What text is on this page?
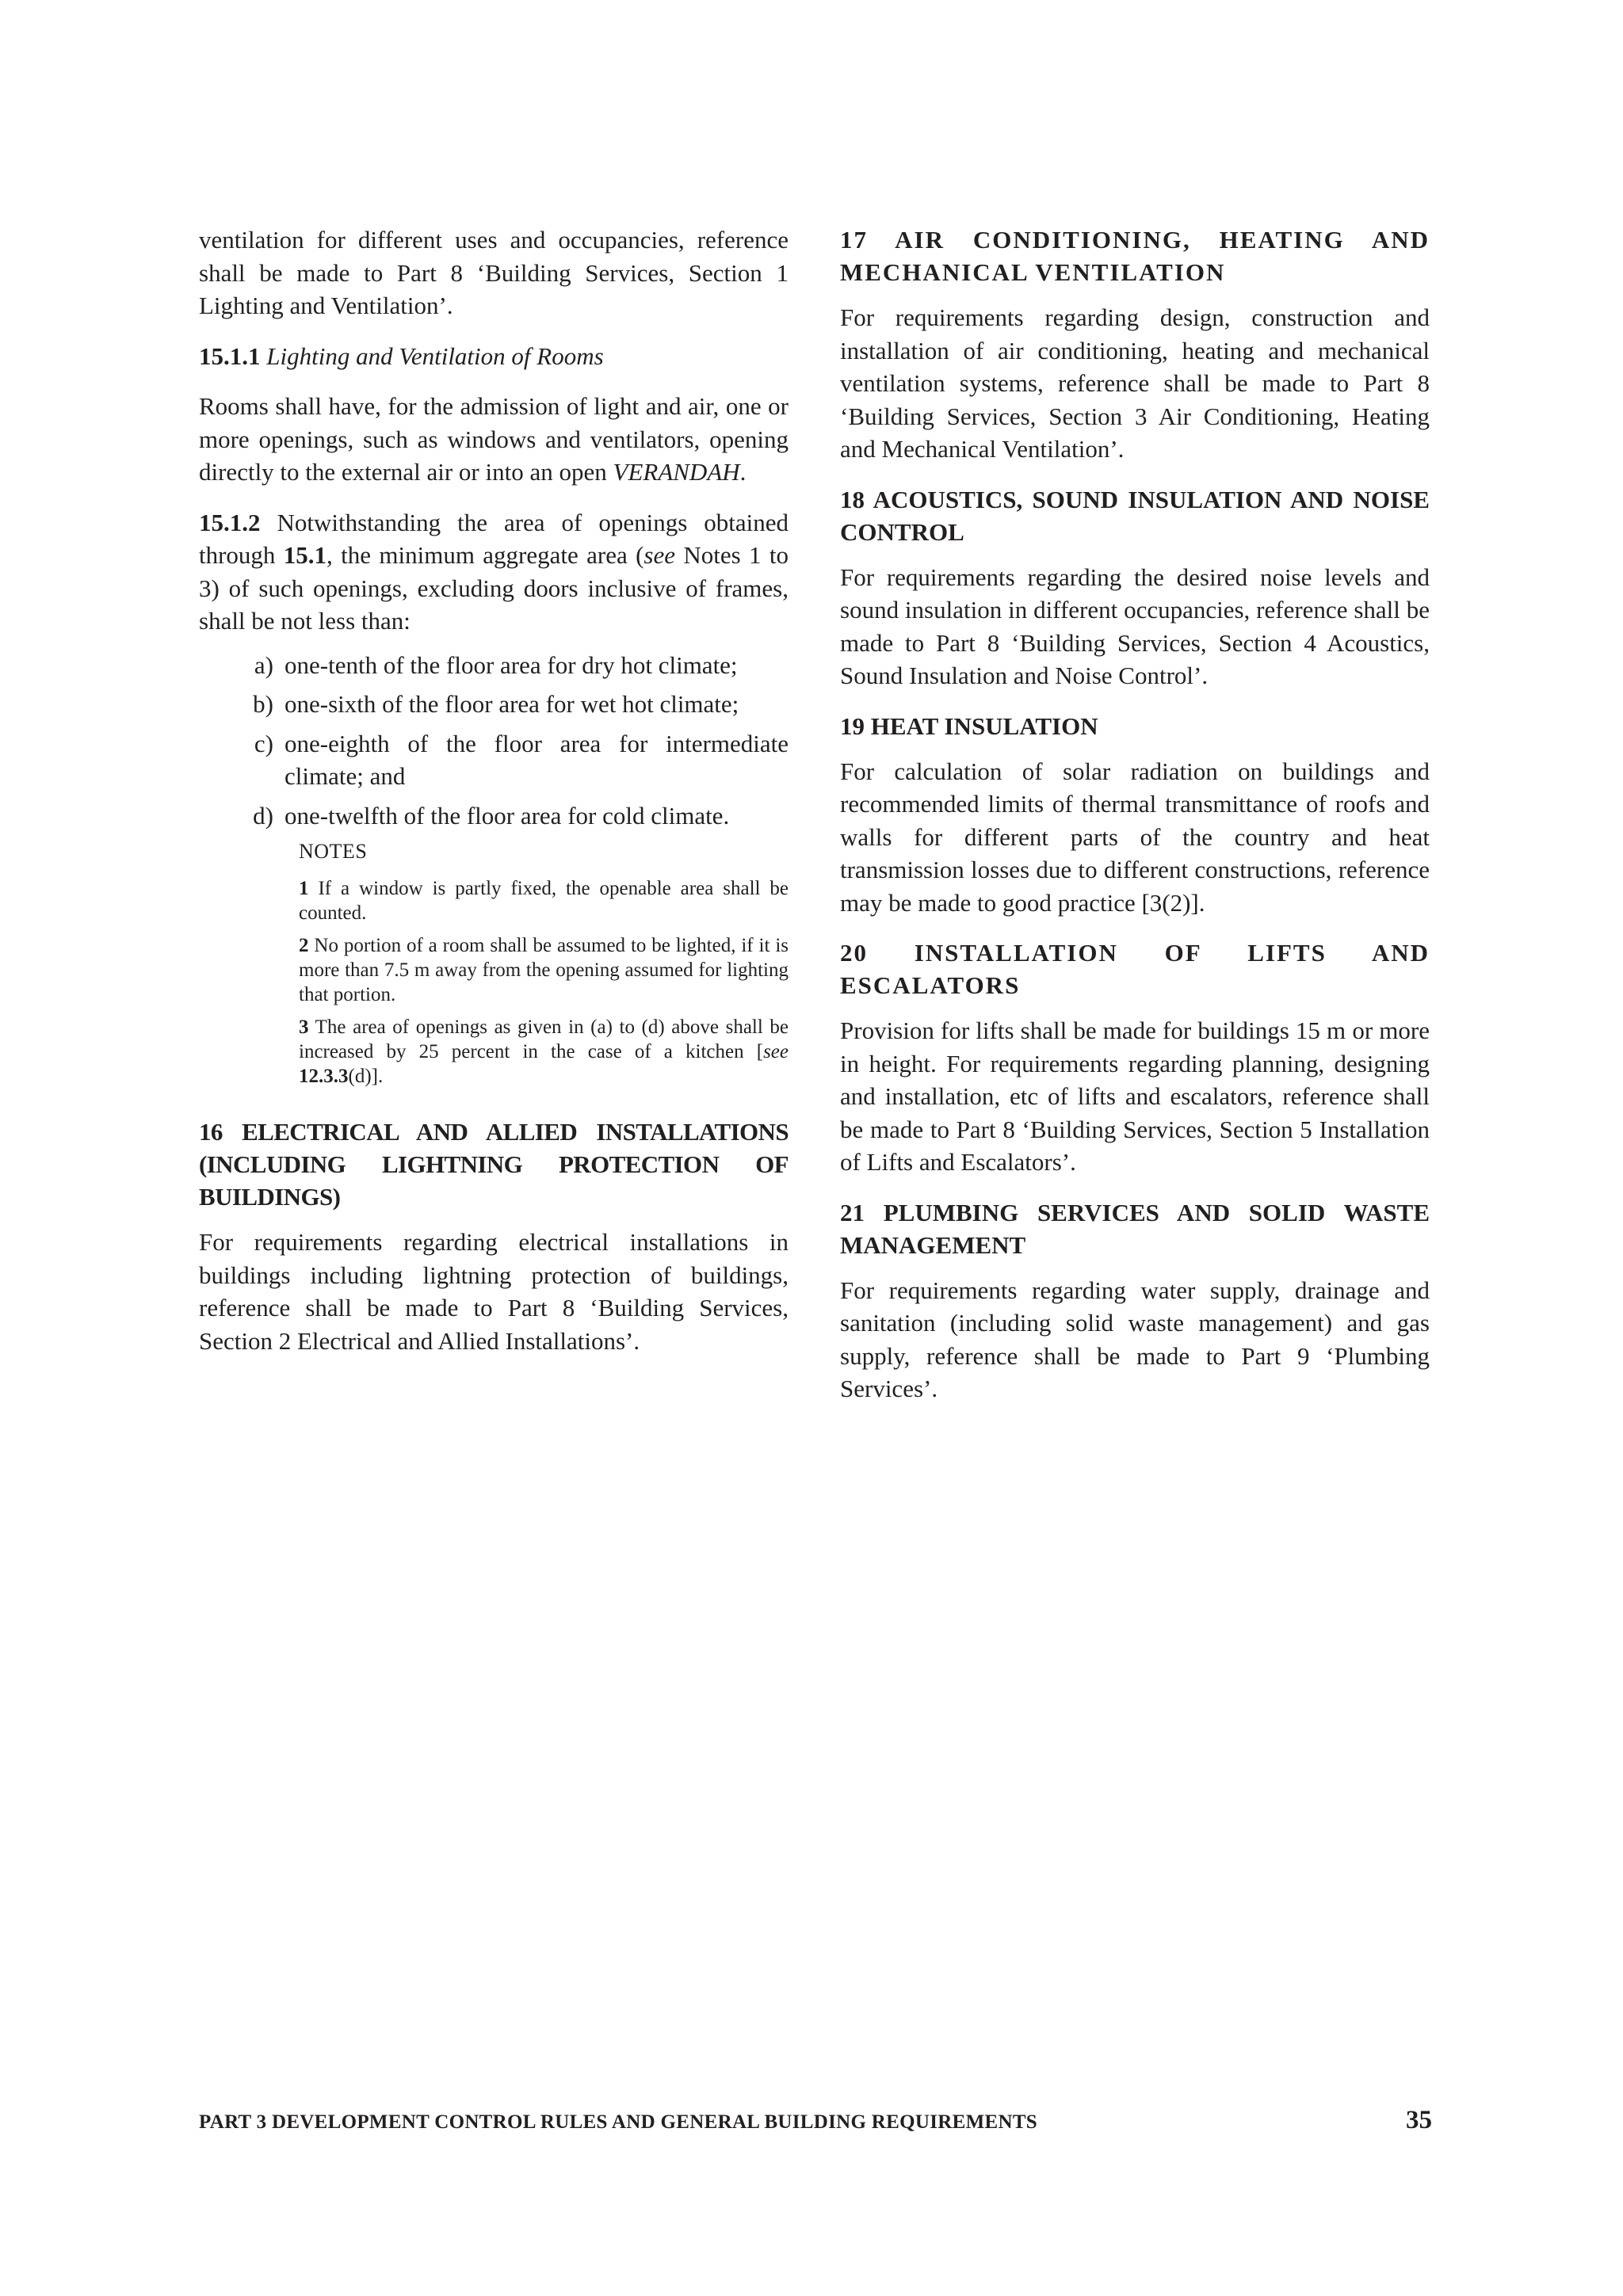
ventilation for different uses and occupancies, reference shall be made to Part 8 ‘Building Services, Section 1 Lighting and Ventilation’.

15.1.1 Lighting and Ventilation of Rooms

Rooms shall have, for the admission of light and air, one or more openings, such as windows and ventilators, opening directly to the external air or into an open VERANDAH.

15.1.2 Notwithstanding the area of openings obtained through 15.1, the minimum aggregate area (see Notes 1 to 3) of such openings, excluding doors inclusive of frames, shall be not less than:

a) one-tenth of the floor area for dry hot climate;
b) one-sixth of the floor area for wet hot climate;
c) one-eighth of the floor area for intermediate climate; and
d) one-twelfth of the floor area for cold climate.
NOTES

1 If a window is partly fixed, the openable area shall be counted.

2 No portion of a room shall be assumed to be lighted, if it is more than 7.5 m away from the opening assumed for lighting that portion.

3 The area of openings as given in (a) to (d) above shall be increased by 25 percent in the case of a kitchen [see 12.3.3(d)].

16 ELECTRICAL AND ALLIED INSTALLATIONS (INCLUDING LIGHTNING PROTECTION OF BUILDINGS)

For requirements regarding electrical installations in buildings including lightning protection of buildings, reference shall be made to Part 8 ‘Building Services, Section 2 Electrical and Allied Installations’.

17 AIR CONDITIONING, HEATING AND MECHANICAL VENTILATION

For requirements regarding design, construction and installation of air conditioning, heating and mechanical ventilation systems, reference shall be made to Part 8 ‘Building Services, Section 3 Air Conditioning, Heating and Mechanical Ventilation’.

18 ACOUSTICS, SOUND INSULATION AND NOISE CONTROL

For requirements regarding the desired noise levels and sound insulation in different occupancies, reference shall be made to Part 8 ‘Building Services, Section 4 Acoustics, Sound Insulation and Noise Control’.

19 HEAT INSULATION

For calculation of solar radiation on buildings and recommended limits of thermal transmittance of roofs and walls for different parts of the country and heat transmission losses due to different constructions, reference may be made to good practice [3(2)].

20 INSTALLATION OF LIFTS AND ESCALATORS

Provision for lifts shall be made for buildings 15 m or more in height. For requirements regarding planning, designing and installation, etc of lifts and escalators, reference shall be made to Part 8 ‘Building Services, Section 5 Installation of Lifts and Escalators’.

21 PLUMBING SERVICES AND SOLID WASTE MANAGEMENT

For requirements regarding water supply, drainage and sanitation (including solid waste management) and gas supply, reference shall be made to Part 9 ‘Plumbing Services’.

PART 3 DEVELOPMENT CONTROL RULES AND GENERAL BUILDING REQUIREMENTS	35
